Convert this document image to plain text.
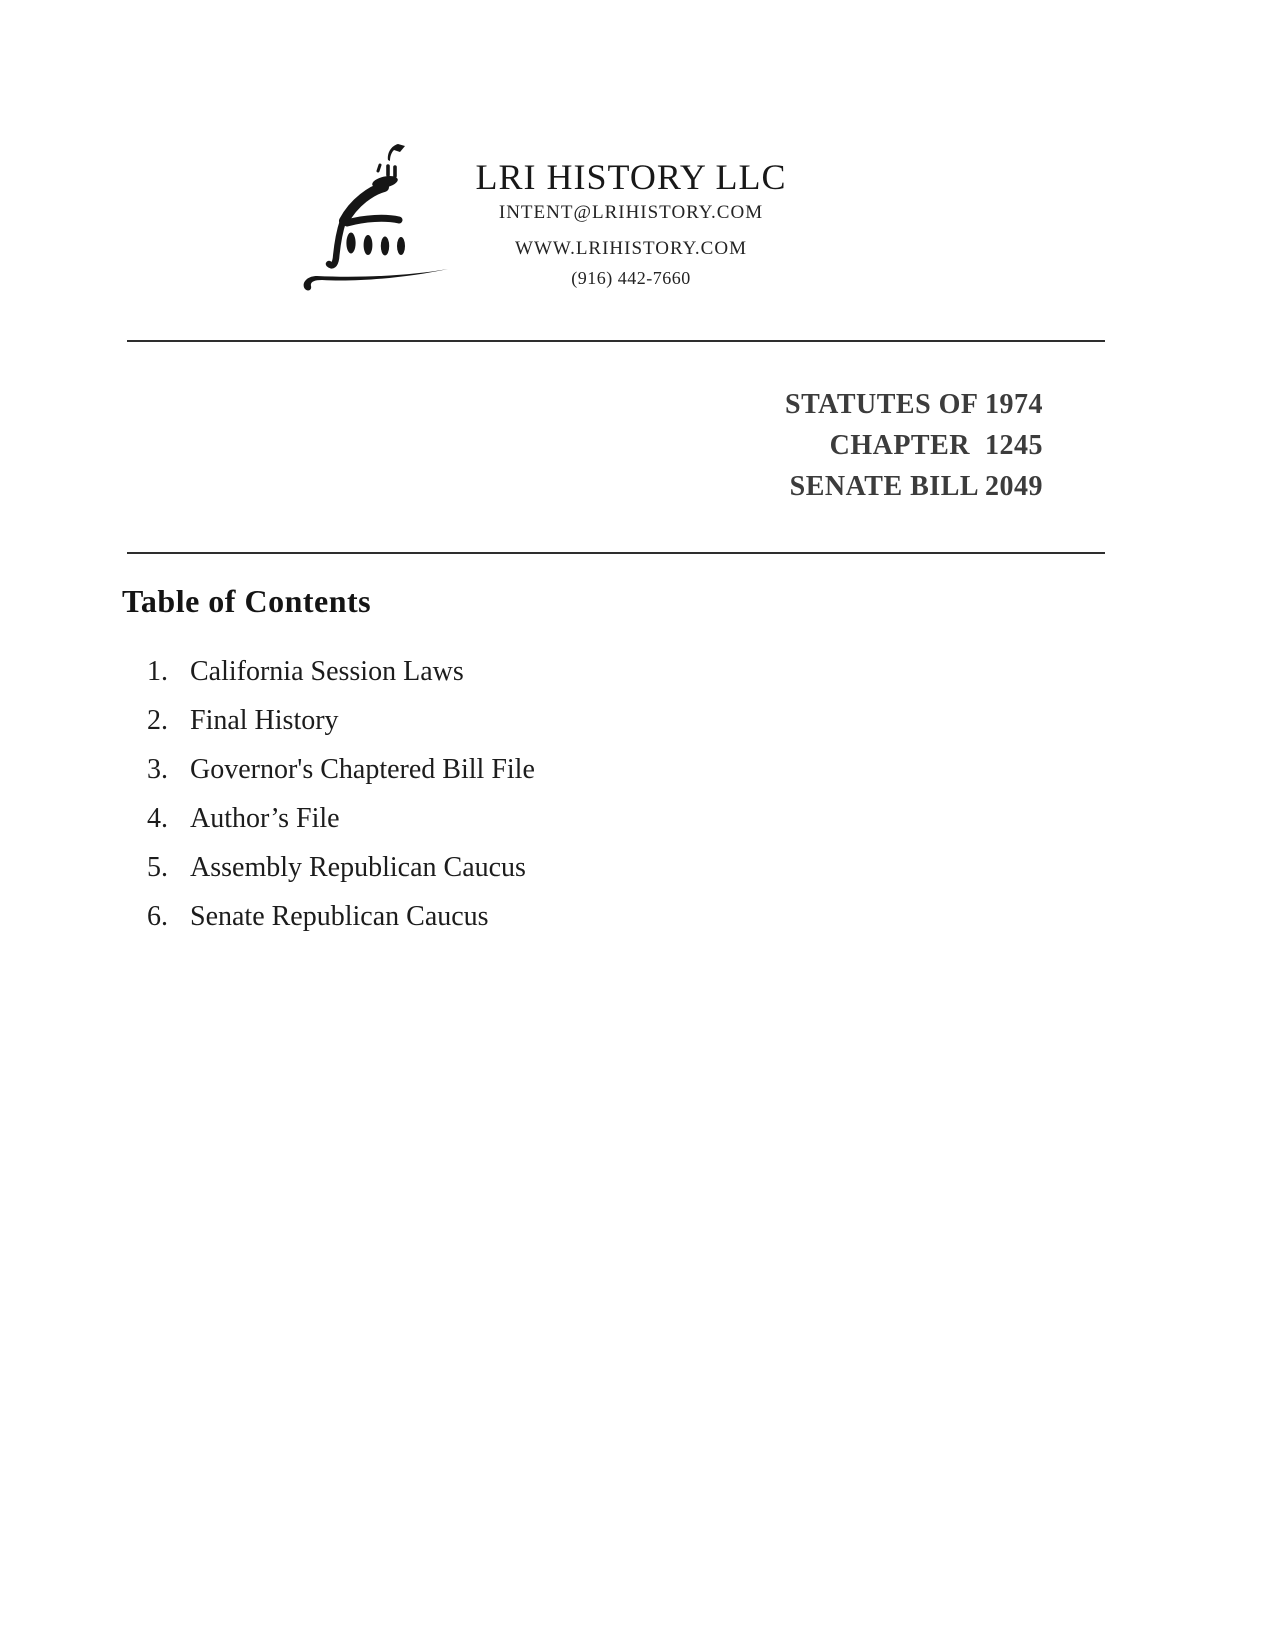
LRI HISTORY LLC
INTENT@LRIHISTORY.COM
WWW.LRIHISTORY.COM
(916) 442-7660
STATUTES OF 1974
CHAPTER  1245
SENATE BILL 2049
Table of Contents
1. California Session Laws
2. Final History
3. Governor's Chaptered Bill File
4. Author’s File
5. Assembly Republican Caucus
6. Senate Republican Caucus
